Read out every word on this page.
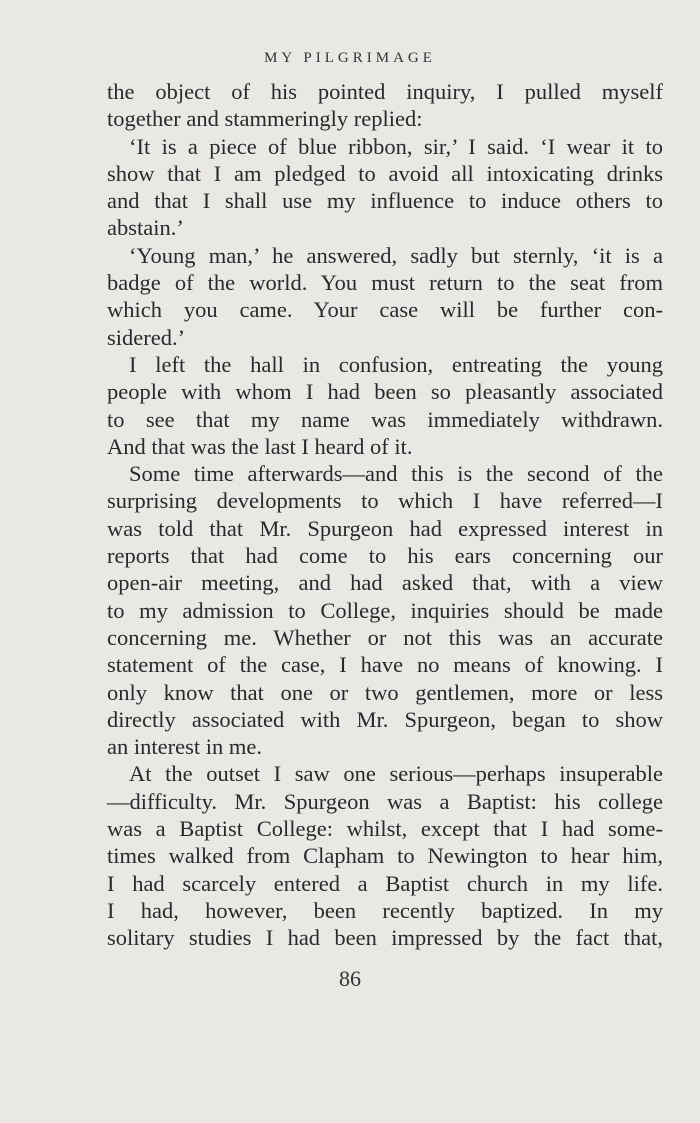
MY PILGRIMAGE

the object of his pointed inquiry, I pulled myself

together and stammeringly replied:

‘It is a piece of blue ribbon, sir,’ I said. ‘I wear it to

show that I am pledged to avoid all intoxicating drinks

and that I shall use my influence to induce others to

abstain.’

‘Young man,’ he answered, sadly but sternly, ‘it is a

badge of the world. You must return to the seat from

which you came. Your case will be further con-

sidered.’

I left the hall in confusion, entreating the young

people with whom I had been so pleasantly associated

to see that my name was immediately withdrawn.

And that was the last I heard of it.

Some time afterwards—and this is the second of the

surprising developments to which I have referred—I

was told that Mr. Spurgeon had expressed interest in

reports that had come to his ears concerning our

open-air meeting, and had asked that, with a view

to my admission to College, inquiries should be made

concerning me. Whether or not this was an accurate

statement of the case, I have no means of knowing. I

only know that one or two gentlemen, more or less

directly associated with Mr. Spurgeon, began to show

an interest in me.

At the outset I saw one serious—perhaps insuperable

—difficulty. Mr. Spurgeon was a Baptist: his college

was a Baptist College: whilst, except that I had some-

times walked from Clapham to Newington to hear him,

I had scarcely entered a Baptist church in my life.

I had, however, been recently baptized. In my

solitary studies I had been impressed by the fact that,

86
